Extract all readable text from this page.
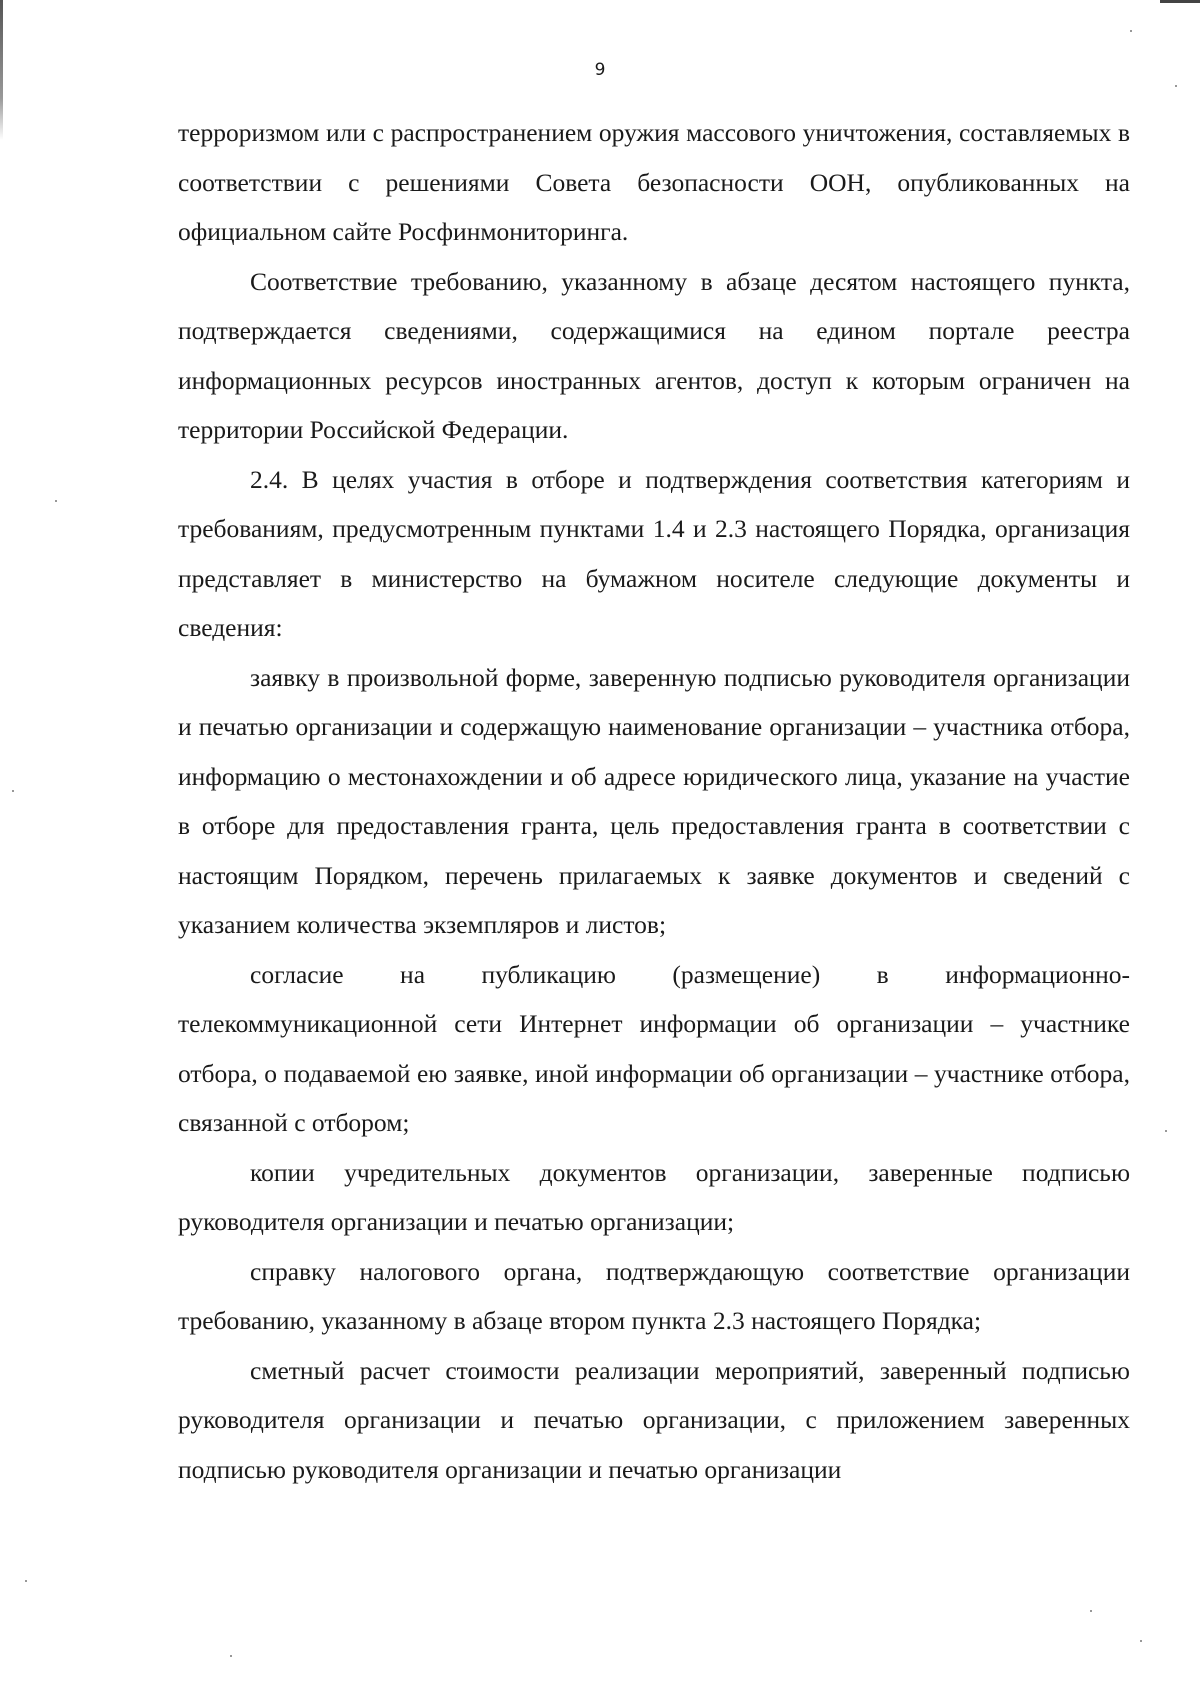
9

терроризмом или с распространением оружия массового уничтожения, составляемых в соответствии с решениями Совета безопасности ООН, опубликованных на официальном сайте Росфинмониторинга.

Соответствие требованию, указанному в абзаце десятом настоящего пункта, подтверждается сведениями, содержащимися на едином портале реестра информационных ресурсов иностранных агентов, доступ к которым ограничен на территории Российской Федерации.

2.4. В целях участия в отборе и подтверждения соответствия категориям и требованиям, предусмотренным пунктами 1.4 и 2.3 настоящего Порядка, организация представляет в министерство на бумажном носителе следующие документы и сведения:

заявку в произвольной форме, заверенную подписью руководителя организации и печатью организации и содержащую наименование организации – участника отбора, информацию о местонахождении и об адресе юридического лица, указание на участие в отборе для предоставления гранта, цель предоставления гранта в соответствии с настоящим Порядком, перечень прилагаемых к заявке документов и сведений с указанием количества экземпляров и листов;

согласие на публикацию (размещение) в информационно-телекоммуникационной сети Интернет информации об организации – участнике отбора, о подаваемой ею заявке, иной информации об организации – участнике отбора, связанной с отбором;

копии учредительных документов организации, заверенные подписью руководителя организации и печатью организации;

справку налогового органа, подтверждающую соответствие организации требованию, указанному в абзаце втором пункта 2.3 настоящего Порядка;

сметный расчет стоимости реализации мероприятий, заверенный подписью руководителя организации и печатью организации, с приложением заверенных подписью руководителя организации и печатью организации
